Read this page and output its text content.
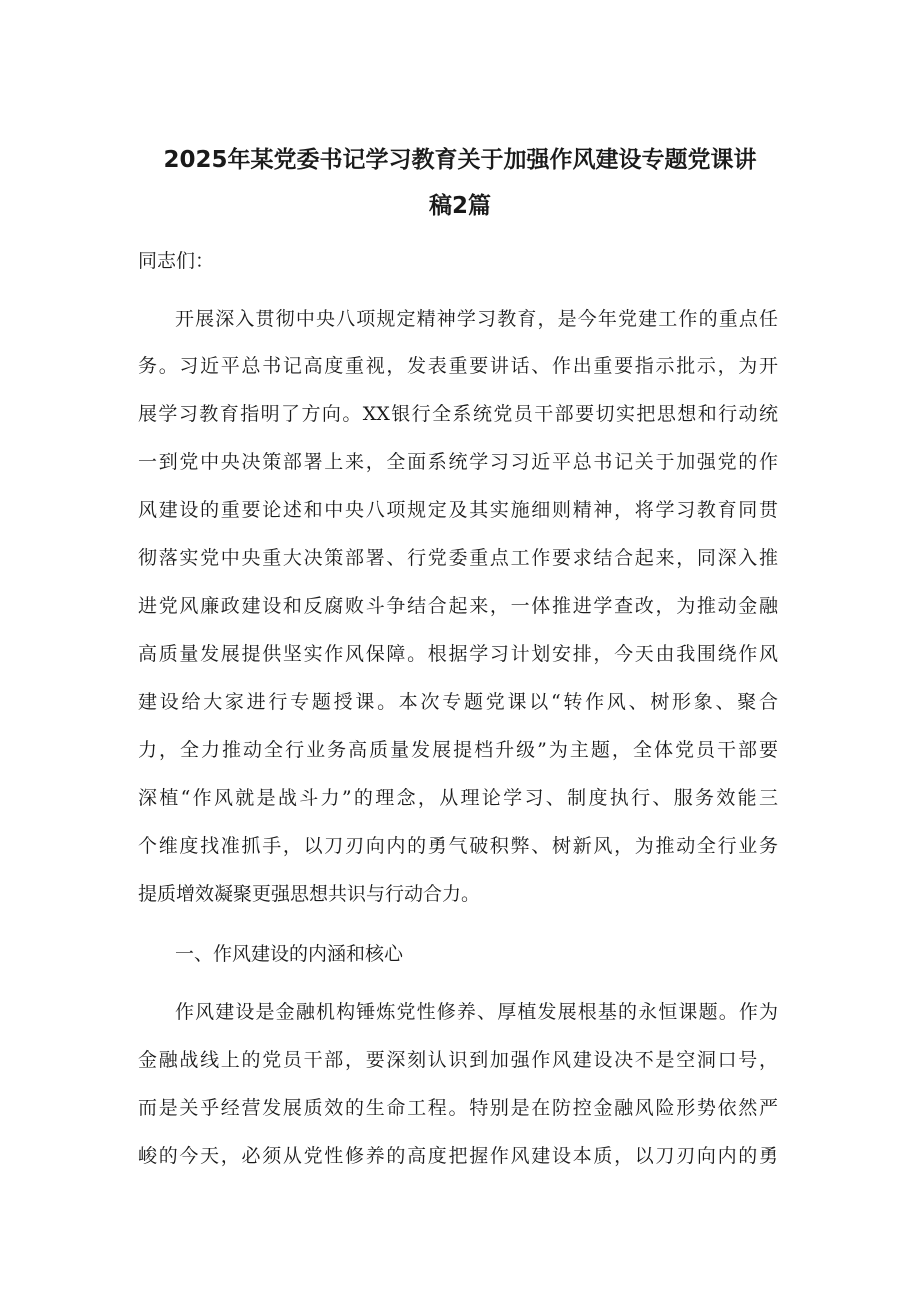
2025年某党委书记学习教育关于加强作风建设专题党课讲
稿2篇

同志们：

开展深入贯彻中央八项规定精神学习教育，是今年党建工作的重点任

务。习近平总书记高度重视，发表重要讲话、作出重要指示批示，为开

展学习教育指明了方向。XX银行全系统党员干部要切实把思想和行动统

一到党中央决策部署上来，全面系统学习习近平总书记关于加强党的作

风建设的重要论述和中央八项规定及其实施细则精神，将学习教育同贯

彻落实党中央重大决策部署、行党委重点工作要求结合起来，同深入推

进党风廉政建设和反腐败斗争结合起来，一体推进学查改，为推动金融

高质量发展提供坚实作风保障。根据学习计划安排，今天由我围绕作风

建设给大家进行专题授课。本次专题党课以“转作风、树形象、聚合

力，全力推动全行业务高质量发展提档升级”为主题，全体党员干部要

深植“作风就是战斗力”的理念，从理论学习、制度执行、服务效能三

个维度找准抓手，以刀刃向内的勇气破积弊、树新风，为推动全行业务

提质增效凝聚更强思想共识与行动合力。

一、作风建设的内涵和核心

作风建设是金融机构锤炼党性修养、厚植发展根基的永恒课题。作为

金融战线上的党员干部，要深刻认识到加强作风建设决不是空洞口号，

而是关乎经营发展质效的生命工程。特别是在防控金融风险形势依然严

峻的今天，必须从党性修养的高度把握作风建设本质，以刀刃向内的勇
